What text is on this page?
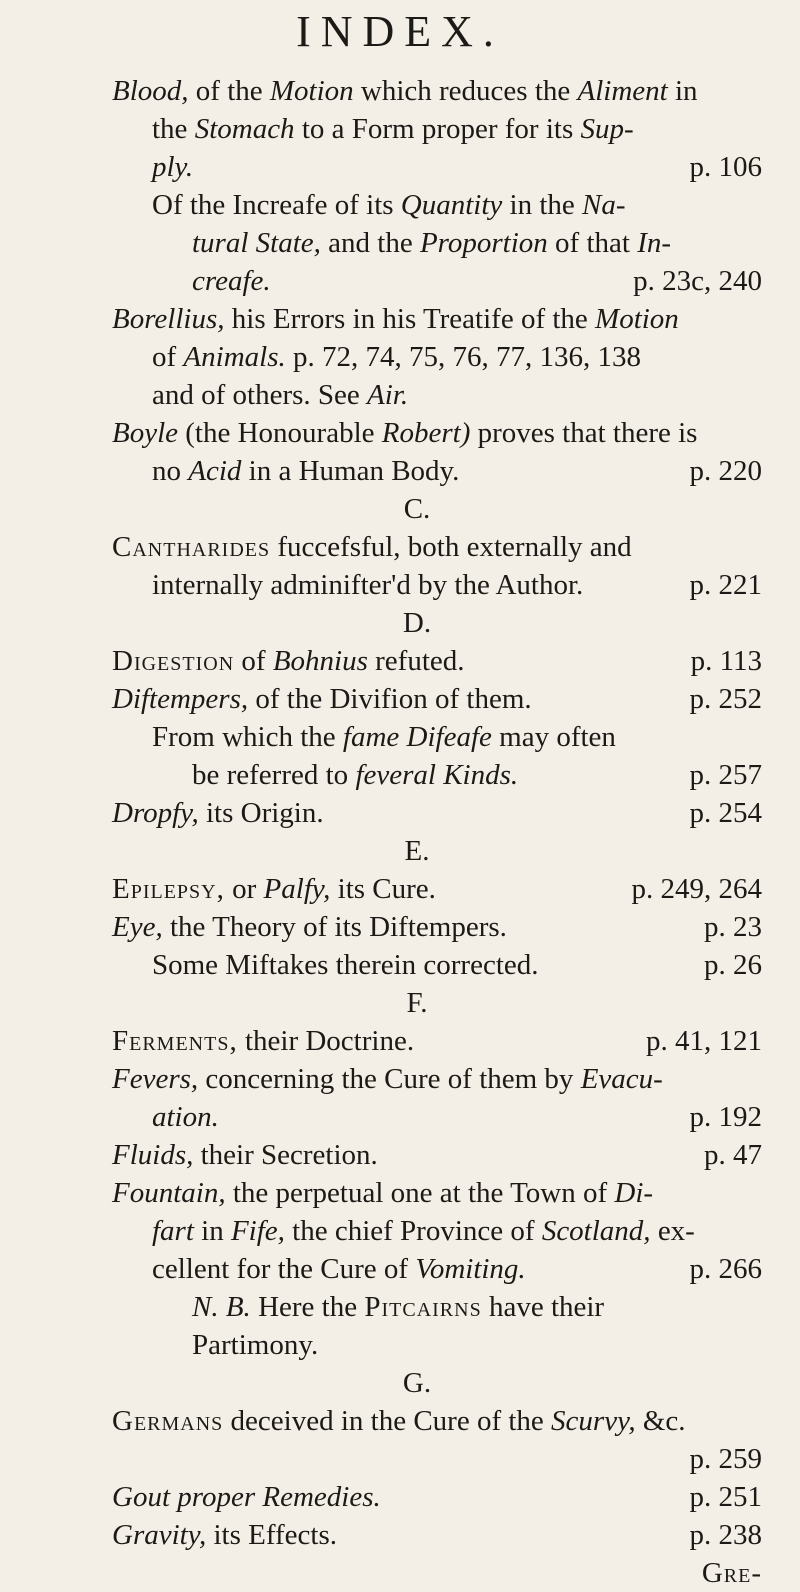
INDEX.
Blood, of the Motion which reduces the Aliment in
the Stomach to a Form proper for its Sup-
ply.	p. 106
Of the Increafe of its Quantity in the Na-
tural State, and the Proportion of that In-
creafe.	p. 23c, 240
Borellius, his Errors in his Treatife of the Motion
of Animals. p. 72, 74, 75, 76, 77, 136, 138
and of others. See Air.
Boyle (the Honourable Robert) proves that there is
no Acid in a Human Body.	p. 220
C.
Cantharides fuccefsful, both externally and
internally adminifter'd by the Author.	p. 221
D.
Digestion of Bohnius refuted.	p. 113
Diftempers, of the Divifion of them.	p. 252
From which the fame Difeafe may often
be referred to feveral Kinds.	p. 257
Dropfy, its Origin.	p. 254
E.
Epilepsy, or Palfy, its Cure.	p. 249, 264
Eye, the Theory of its Diftempers.	p. 23
Some Miftakes therein corrected.	p. 26
F.
Ferments, their Doctrine.	p. 41, 121
Fevers, concerning the Cure of them by Evacu-
ation.	p. 192
Fluids, their Secretion.	p. 47
Fountain, the perpetual one at the Town of Di-
fart in Fife, the chief Province of Scotland, ex-
cellent for the Cure of Vomiting.	p. 266
N. B. Here the Pitcairns have their
Partimony.
G.
Germans deceived in the Cure of the Scurvy, &c.
p. 259

Gout proper Remedies.	p. 251
Gravity, its Effects.	p. 238
Gre-
